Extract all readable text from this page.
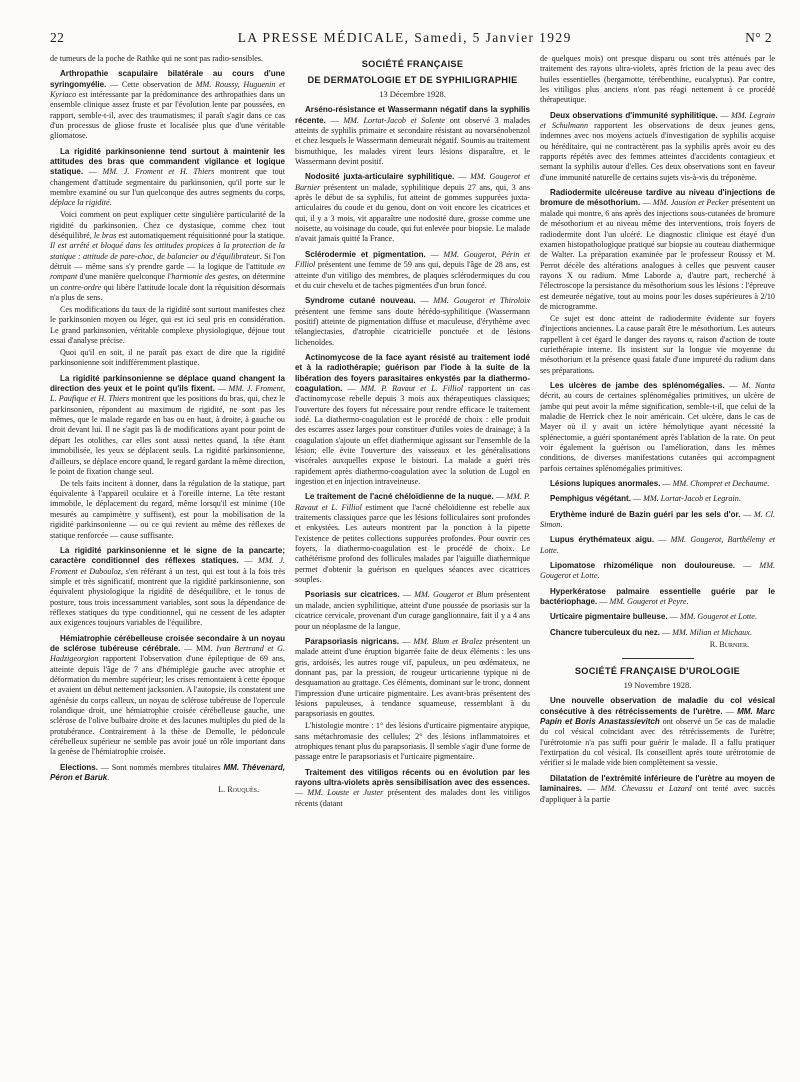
22	LA PRESSE MÉDICALE, Samedi, 5 Janvier 1929	N° 2

de tumeurs de la poche de Rathke qui ne sont pas radio-sensibles.

Arthropathie scapulaire bilatérale au cours d'une syringomyélie. — Cette observation de MM. Roussy, Huguenin et Kyriaco est intéressante par la prédominance des arthropathies dans un ensemble clinique assez fruste et par l'évolution lente par poussées, en rapport, semble-t-il, avec des traumatismes; il paraît s'agir dans ce cas d'un processus de gliose fruste et localisée plus que d'une véritable gliomatose.

La rigidité parkinsonienne tend surtout à maintenir les attitudes des bras que commandent vigilance et logique statique. — MM. J. Froment et H. Thiers montrent que tout changement d'attitude segmentaire du parkinsonien, qu'il porte sur le membre examiné ou sur l'un quelconque des autres segments du corps, déplace la rigidité.

Voici comment on peut expliquer cette singulière particularité de la rigidité du parkinsonien. Chez ce dystasique, comme chez tout déséquilibré, le bras est automatiquement réquisitionné pour la statique. Il est arrêté et bloqué dans les attitudes propices à la protection de la statique : attitude de pare-choc, de balancier ou d'équilibrateur. Si l'on détruit — même sans s'y prendre garde — la logique de l'attitude en rompant d'une manière quelconque l'harmonie des gestes, on détermine un contre-ordre qui libère l'attitude locale dont la réquisition désormais n'a plus de sens.

Ces modifications du taux de la rigidité sont surtout manifestes chez le parkinsonien moyen ou léger, qui est ici seul pris en considération. Le grand parkinsonien, véritable complexe physiologique, déjoue tout essai d'analyse précise.

Quoi qu'il en soit, il ne paraît pas exact de dire que la rigidité parkinsonienne soit indifféremment plastique.

La rigidité parkinsonienne se déplace quand changent la direction des yeux et le point qu'ils fixent. — MM. J. Froment, L. Paufique et H. Thiers montrent que les positions du bras, qui, chez le parkinsonien, répondent au maximum de rigidité, ne sont pas les mêmes, que le malade regarde en bas ou en haut, à droite, à gauche ou droit devant lui. Il ne s'agit pas là de modifications ayant pour point de départ les otolithes, car elles sont aussi nettes quand, la tête étant immobilisée, les yeux se déplacent seuls. La rigidité parkinsonienne, d'ailleurs, se déplace encore quand, le regard gardant la même direction, le point de fixation change seul.

De tels faits incitent à donner, dans la régulation de la statique, part équivalente à l'appareil oculaire et à l'oreille interne. La tête restant immobile, le déplacement du regard, même lorsqu'il est minime (10e mesurés au campimètre y suffisent), est pour la mobilisation de la rigidité parkinsonienne — ou ce qui revient au même des réflexes de statique renforcée — cause suffisante.

La rigidité parkinsonienne et le signe de la pancarte; caractère conditionnel des réflexes statiques. — MM. J. Froment et Dubouloz, s'en référant à un test, qui est tout à la fois très simple et très significatif, montrent que la rigidité parkinsonienne, son équivalent physiologique la rigidité de déséquilibre, et le tonus de posture, tous trois incessamment variables, sont sous la dépendance de réflexes statiques du type conditionnel, qui ne cessent de les adapter aux exigences toujours variables de l'équilibre.

Hémiatrophie cérébelleuse croisée secondaire à un noyau de sclérose tubéreuse cérébrale. — MM. Ivan Bertrand et G. Hadzigeorgion rapportent l'observation d'une épileptique de 69 ans, atteinte depuis l'âge de 7 ans d'hémiplégie gauche avec atrophie et déformation du membre supérieur; les crises remontaient à cette époque et avaient un début nettement jacksonien. A l'autopsie, ils constatent une agénésie du corps calleux, un noyau de sclérose tubéreuse de l'opercule rolandique droit, une hémiatrophie croisée cérébelleuse gauche, une sclérose de l'olive bulbaire droite et des lacunes multiples du pied de la protubérance. Contrairement à la thèse de Demolle, le pédoncule cérébelleux supérieur ne semble pas avoir joué un rôle important dans la genèse de l'hémiatrophie croisée.

Elections. — Sont nommés membres titulaires MM. Thévenard, Péron et Baruk.

L. Rouquès.
SOCIÉTÉ FRANÇAISE
DE DERMATOLOGIE ET DE SYPHILIGRAPHIE
13 Décembre 1928.

Arséno-résistance et Wassermann négatif dans la syphilis récente. — MM. Lortat-Jacob et Solente ont observé 3 malades atteints de syphilis primaire et secondaire résistant au novarsénobenzol et chez lesquels le Wassermann demeurait négatif. Soumis au traitement bismuthique, les malades virent leurs lésions disparaître, et le Wassermann devint positif.

Nodosité juxta-articulaire syphilitique. — MM. Gougerot et Burnier présentent un malade, syphilitique depuis 27 ans, qui, 3 ans après le début de sa syphilis, fut atteint de gommes suppurées juxta-articulaires du coude et du genou, dont on voit encore les cicatrices et qui, il y a 3 mois, vit apparaître une nodosité dure, grosse comme une noisette, au voisinage du coude, qui fut enlevée pour biopsie. Le malade n'avait jamais quitté la France.

Sclérodermie et pigmentation. — MM. Gougerot, Périn et Filliol présentent une femme de 59 ans qui, depuis l'âge de 28 ans, est atteinte d'un vitiligo des membres, de plaques sclérodermiques du cou et du cuir chevelu et de taches pigmentées d'un brun foncé.

Syndrome cutané nouveau. — MM. Gougerot et Thiroloix présentent une femme sans doute hérédo-syphilitique (Wassermann positif) atteinte de pigmentation diffuse et maculeuse, d'érythème avec télangiectasies, d'atrophie cicatricielle ponctuée et de lésions lichenoïdes.

Actinomycose de la face ayant résisté au traitement iodé et à la radiothérapie; guérison par l'iode à la suite de la libération des foyers parasitaires enkystés par la diathermo-coagulation. — MM. P. Ravaut et L. Filliol rapportent un cas d'actinomycose rebelle depuis 3 mois aux thérapeutiques classiques; l'ouverture des foyers fut nécessaire pour rendre efficace le traitement iodé. La diathermo-coagulation est le procédé de choix : elle produit des escarres assez larges pour constituer d'utiles voies de drainage; à la coagulation s'ajoute un effet diathermique agissant sur l'ensemble de la lésion; elle évite l'ouverture des vaisseaux et les généralisations viscérales auxquelles expose le bistouri. La malade a guéri très rapidement après diathermo-coagulation avec la solution de Lugol en ingestion et en injection intraveineuse.

Le traitement de l'acné chéloïdienne de la nuque. — MM. P. Ravaut et L. Filliol estiment que l'acné chéloïdienne est rebelle aux traitements classiques parce que les lésions folliculaires sont profondes et enkystées. Les auteurs montrent par la ponction à la pipette l'existence de petites collections suppurées profondes. Pour ouvrir ces foyers, la diathermo-coagulation est le procédé de choix. Le cathétérisme profond des follicules malades par l'aiguille diathermique permet d'obtenir la guérison en quelques séances avec cicatrices souples.

Psoriasis sur cicatrices. — MM. Gougerot et Blum présentent un malade, ancien syphilitique, atteint d'une poussée de psoriasis sur la cicatrice cervicale, provenant d'un curage ganglionnaire, fait il y a 4 ans pour un néoplasme de la langue.

Parapsoriasis nigricans. — MM. Blum et Bralez présentent un malade atteint d'une éruption bigarrée faite de deux éléments : les uns gris, ardoisés, les autres rouge vif, papuleux, un peu œdémateux, ne donnant pas, par la pression, de rougeur urticarienne typique ni de desquamation au grattage. Ces éléments, dominant sur le tronc, donnent l'impression d'une urticaire pigmentaire. Les avant-bras présentent des lésions papuleuses, à tendance squameuse, ressemblant à du parapsoriasis en gouttes.

L'histologie montre : 1° des lésions d'urticaire pigmentaire atypique, sans métachromasie des cellules; 2° des lésions inflammatoires et atrophiques tenant plus du parapsoriasis. Il semble s'agir d'une forme de passage entre le parapsoriasis et l'urticaire pigmentaire.

Traitement des vitiligos récents ou en évolution par les rayons ultra-violets après sensibilisation avec des essences. — MM. Louste et Juster présentent des malades dont les vitiligos récents (datant

de quelques mois) ont presque disparu ou sont très atténués par le traitement des rayons ultra-violets, après friction de la peau avec des huiles essentielles (bergamotte, térébenthine, eucalyptus). Par contre, les vitiligos plus anciens n'ont pas réagi nettement à ce procédé thérapeutique.

Deux observations d'immunité syphilitique. — MM. Legrain et Schulmann rapportent les observations de deux jeunes gens, indemnes avec nos moyens actuels d'investigation de syphilis acquise ou héréditaire, qui ne contractèrent pas la syphilis après avoir eu des rapports répétés avec des femmes atteintes d'accidents contagieux et semant la syphilis autour d'elles. Ces deux observations sont en faveur d'une immunité naturelle de certains sujets vis-à-vis du tréponème.

Radiodermite ulcéreuse tardive au niveau d'injections de bromure de mésothorium. — MM. Jausion et Pecker présentent un malade qui montre, 6 ans après des injections sous-cutanées de bromure de mésothorium et au niveau même des interventions, trois foyers de radiodermite dont l'un ulcéré. Le diagnostic clinique est étayé d'un examen histopathologique pratiqué sur biopsie au couteau diathermique de Walter. La préparation examinée par le professeur Roussy et M. Perrot décèle des altérations analogues à celles que peuvent causer rayons X ou radium. Mme Laborde a, d'autre part, recherché à l'électroscope la persistance du mésothorium sous les lésions : l'épreuve est demeurée négative, tout au moins pour les doses supérieures à 2/10 de microgramme.

Ce sujet est donc atteint de radiodermite évidente sur foyers d'injections anciennes. La cause paraît être le mésothorium. Les auteurs rappellent à cet égard le danger des rayons α, raison d'action de toute curiethérapie interne. Ils insistent sur la longue vie moyenne du mésothorium et la présence quasi fatale d'une impureté du radium dans ses préparations.

Les ulcères de jambe des splénomégalies. — M. Nanta décrit, au cours de certaines splénomégalies primitives, un ulcère de jambe qui peut avoir la même signification, semble-t-il, que celui de la maladie de Herrick chez le noir américain. Cet ulcère, dans le cas de Mayer où il y avait un ictère hémolytique ayant nécessité la splénectomie, a guéri spontanément après l'ablation de la rate. On peut voir également la guérison ou l'amélioration, dans les mêmes conditions, de diverses manifestations cutanées qui accompagnent parfois certaines splénomégalies primitives.

Lésions lupiques anormales. — MM. Chompret et Dechaume.

Pemphigus végétant. — MM. Lortat-Jacob et Legrain.

Erythème induré de Bazin guéri par les sels d'or. — M. Cl. Simon.

Lupus érythémateux aigu. — MM. Gougerot, Barthélemy et Lotte.

Lipomatose rhizomélique non douloureuse. — MM. Gougerot et Lotte.

Hyperkératose palmaire essentielle guérie par le bactériophage. — MM. Gougerot et Peyre.

Urticaire pigmentaire bulleuse. — MM. Gougerot et Lotte.

Chancre tuberculeux du nez. — MM. Milian et Michaux.

R. Burnier.
SOCIÉTÉ FRANÇAISE D'UROLOGIE
19 Novembre 1928.

Une nouvelle observation de maladie du col vésical consécutive à des rétrécissements de l'urètre. — MM. Marc Papin et Boris Anastassievitch ont observé un 5e cas de maladie du col vésical coïncidant avec des rétrécissements de l'urètre; l'urétrotomie n'a pas suffi pour guérir le malade. Il a fallu pratiquer l'extirpation du col vésical. Ils conseillent après toute urétrotomie de vérifier si le malade vide bien complètement sa vessie.

Dilatation de l'extrémité inférieure de l'urètre au moyen de laminaires. — MM. Chevassu et Lazard ont tenté avec succès d'appliquer à la partie
